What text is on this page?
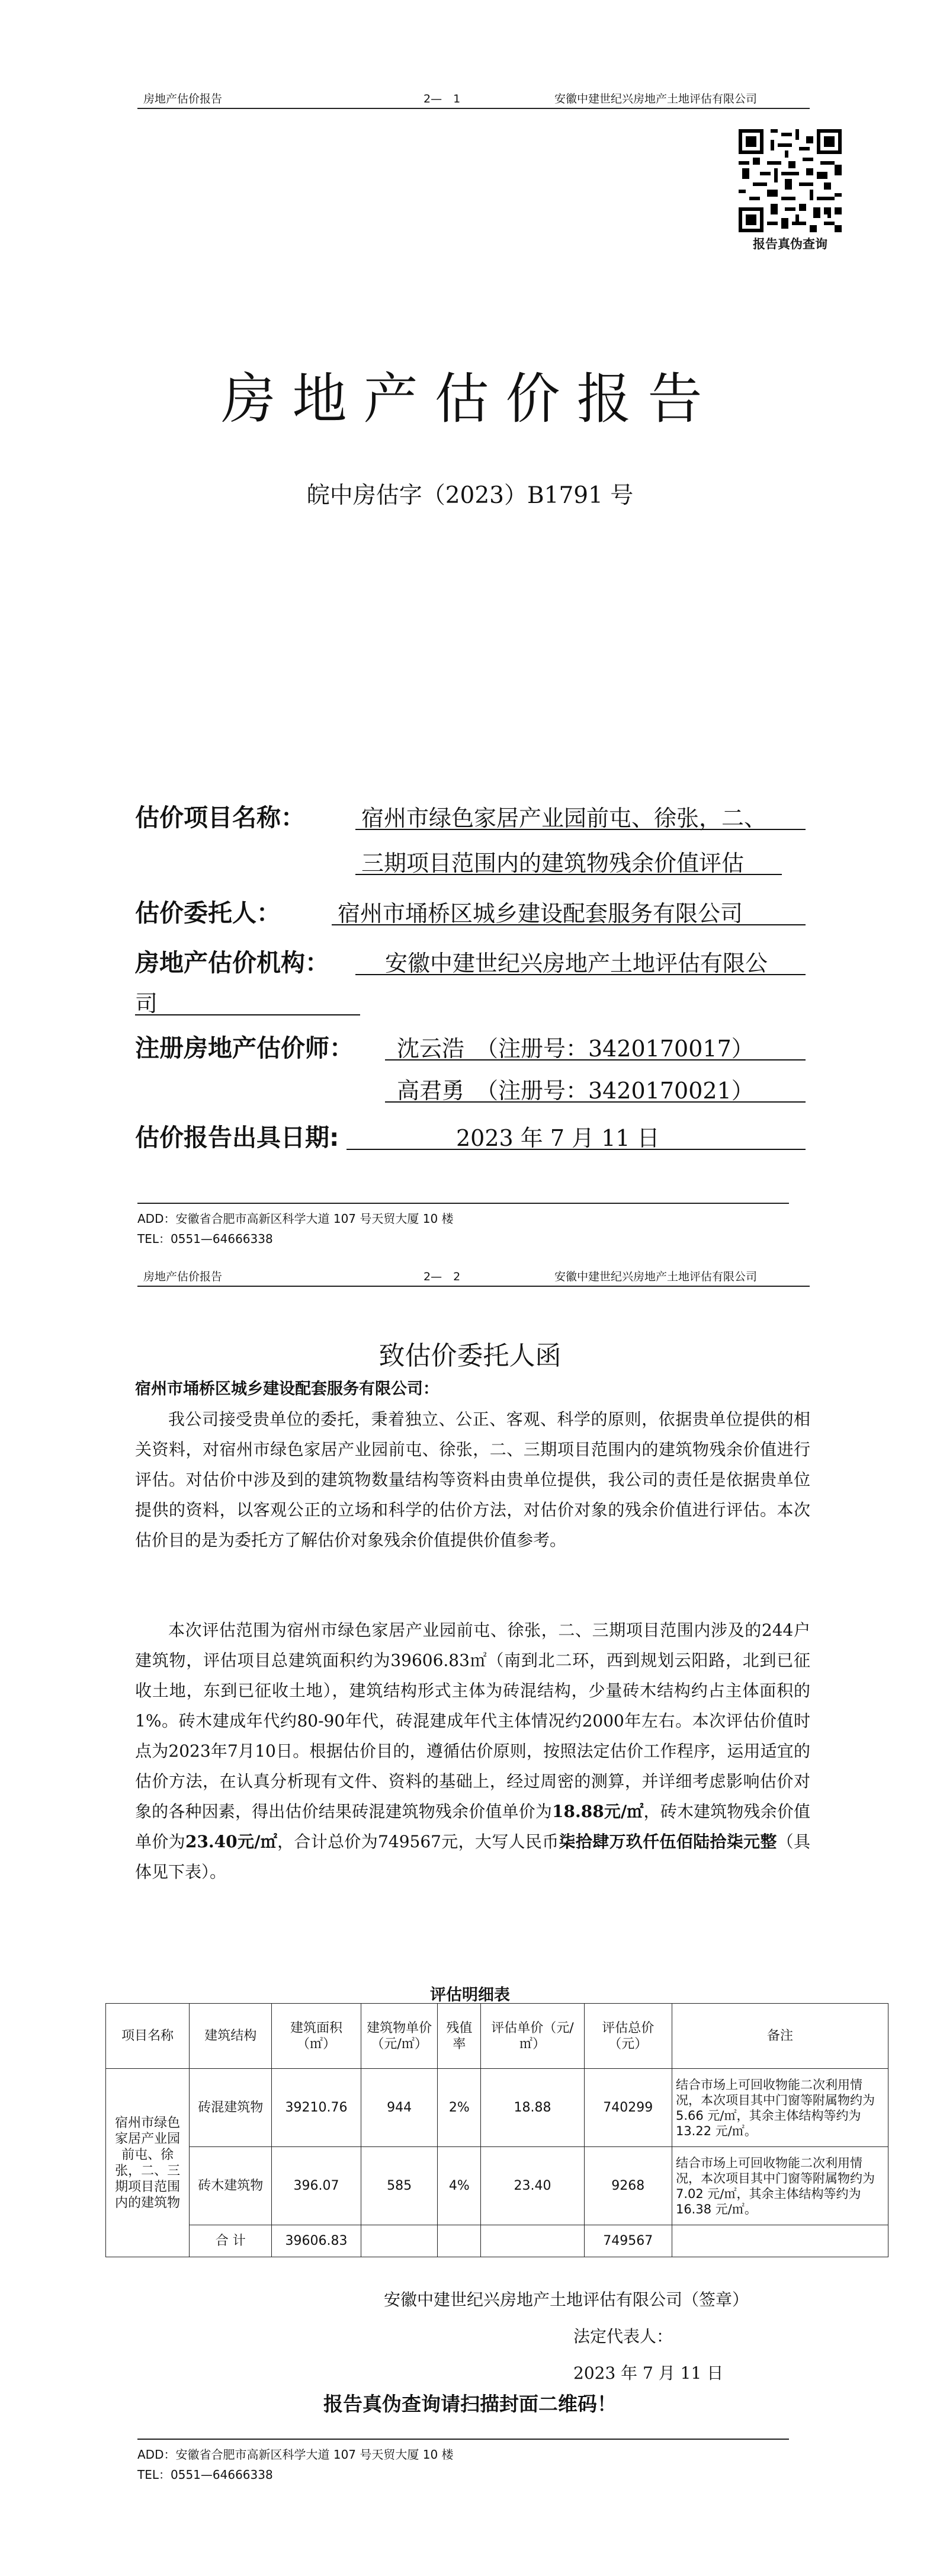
房地产估价报告	2—　1	安徽中建世纪兴房地产土地评估有限公司
报告真伪查询
房地产估价报告
皖中房估字（2023）B1791 号
估价项目名称：	宿州市绿色家居产业园前屯、徐张，二、
三期项目范围内的建筑物残余价值评估
估价委托人：	宿州市埇桥区城乡建设配套服务有限公司
房地产估价机构： 安徽中建世纪兴房地产土地评估有限公
司
注册房地产估价师： 沈云浩　（注册号：3420170017）
高君勇　（注册号：3420170021）
估价报告出具日期:	2023 年 7 月 11 日
ADD：安徽省合肥市高新区科学大道 107 号天贸大厦 10 楼
TEL：0551—64666338
房地产估价报告	2—　2	安徽中建世纪兴房地产土地评估有限公司
致估价委托人函
宿州市埇桥区城乡建设配套服务有限公司：
我公司接受贵单位的委托，秉着独立、公正、客观、科学的原则，依据贵单位提供的相关资料，对宿州市绿色家居产业园前屯、徐张，二、三期项目范围内的建筑物残余价值进行评估。对估价中涉及到的建筑物数量结构等资料由贵单位提供，我公司的责任是依据贵单位提供的资料，以客观公正的立场和科学的估价方法，对估价对象的残余价值进行评估。本次估价目的是为委托方了解估价对象残余价值提供价值参考。
本次评估范围为宿州市绿色家居产业园前屯、徐张，二、三期项目范围内涉及的244户建筑物，评估项目总建筑面积约为39606.83㎡（南到北二环，西到规划云阳路，北到已征收土地，东到已征收土地），建筑结构形式主体为砖混结构，少量砖木结构约占主体面积的1%。砖木建成年代约80-90年代，砖混建成年代主体情况约2000年左右。本次评估价值时点为2023年7月10日。根据估价目的，遵循估价原则，按照法定估价工作程序，运用适宜的估价方法，在认真分析现有文件、资料的基础上，经过周密的测算，并详细考虑影响估价对象的各种因素，得出估价结果砖混建筑物残余价值单价为18.88元/㎡，砖木建筑物残余价值单价为23.40元/㎡，合计总价为749567元，大写人民币柒拾肆万玖仟伍佰陆拾柒元整（具体见下表）。
评估明细表
项目名称	建筑结构	建筑面积（㎡）	建筑物单价（元/㎡）	残值率	评估单价（元/㎡）	评估总价（元）	备注
宿州市绿色家居产业园前屯、徐张，二、三期项目范围内的建筑物	砖混建筑物	39210.76	944	2%	18.88	740299	结合市场上可回收物能二次利用情况，本次项目其中门窗等附属物约为 5.66 元/㎡，其余主体结构等约为 13.22 元/㎡。
	砖木建筑物	396.07	585	4%	23.40	9268	结合市场上可回收物能二次利用情况，本次项目其中门窗等附属物约为 7.02 元/㎡，其余主体结构等约为 16.38 元/㎡。
	合 计	39606.83				749567	
安徽中建世纪兴房地产土地评估有限公司（签章）
法定代表人：
2023 年 7 月 11 日
报告真伪查询请扫描封面二维码！
ADD：安徽省合肥市高新区科学大道 107 号天贸大厦 10 楼
TEL：0551—64666338
